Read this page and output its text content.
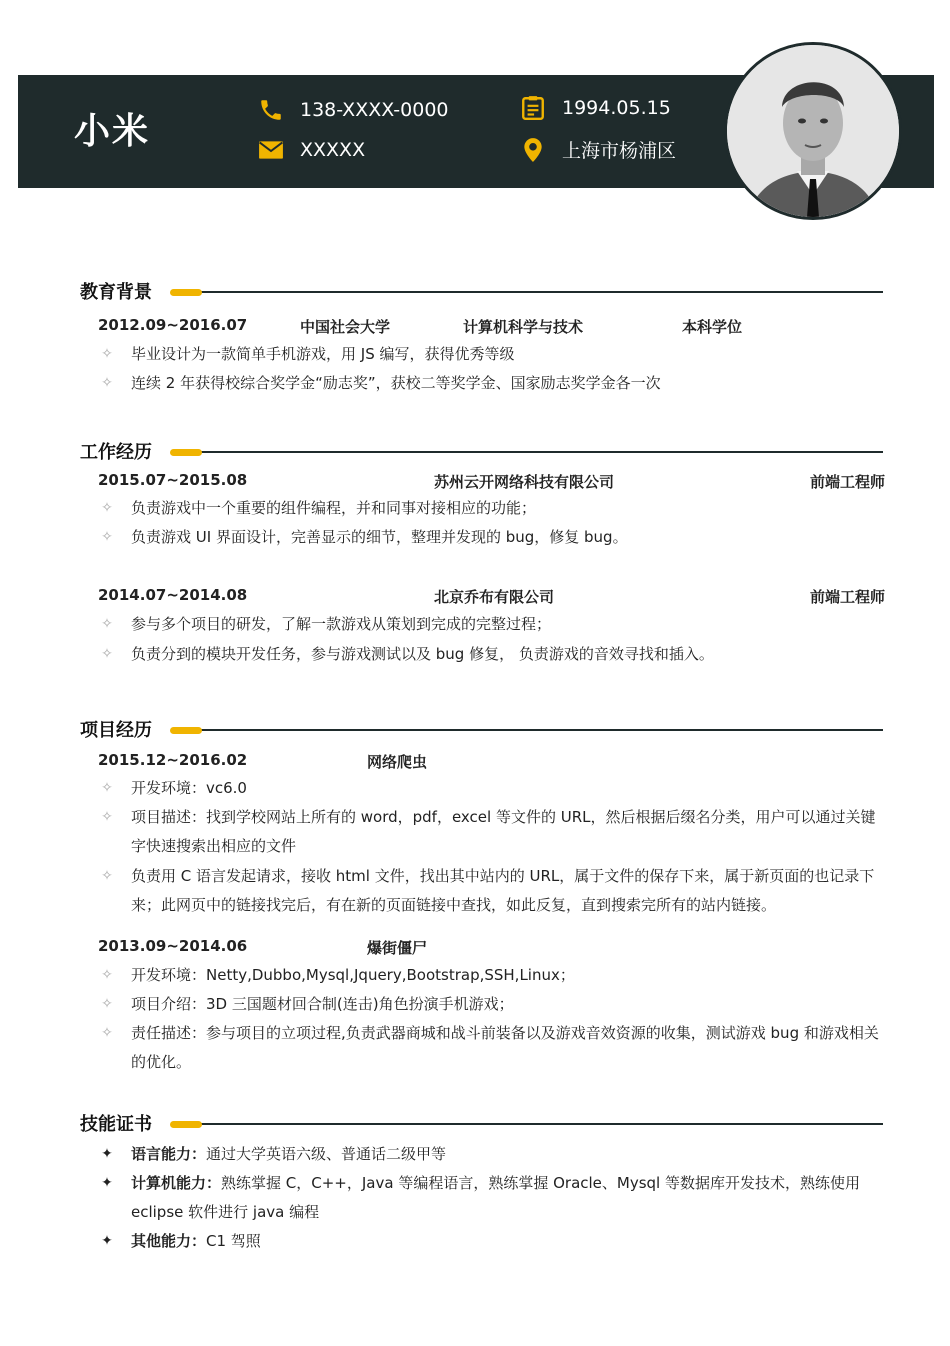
小米
138-XXXX-0000
XXXXX
1994.05.15
上海市杨浦区
教育背景
2012.09~2016.07	中国社会大学	计算机科学与技术	本科学位
✧ 毕业设计为一款简单手机游戏，用 JS 编写，获得优秀等级
✧ 连续 2 年获得校综合奖学金“励志奖”，获校二等奖学金、国家励志奖学金各一次
工作经历
2015.07~2015.08	苏州云开网络科技有限公司	前端工程师
✧ 负责游戏中一个重要的组件编程，并和同事对接相应的功能；
✧ 负责游戏 UI 界面设计，完善显示的细节，整理并发现的 bug，修复 bug。
2014.07~2014.08	北京乔布有限公司	前端工程师
✧ 参与多个项目的研发，了解一款游戏从策划到完成的完整过程；
✧ 负责分到的模块开发任务，参与游戏测试以及 bug 修复， 负责游戏的音效寻找和插入。
项目经历
2015.12~2016.02	网络爬虫
✧ 开发环境：vc6.0
✧ 项目描述：找到学校网站上所有的 word，pdf，excel 等文件的 URL，然后根据后缀名分类，用户可以通过关键字快速搜索出相应的文件
✧ 负责用 C 语言发起请求，接收 html 文件，找出其中站内的 URL，属于文件的保存下来，属于新页面的也记录下来；此网页中的链接找完后，有在新的页面链接中查找，如此反复，直到搜索完所有的站内链接。
2013.09~2014.06	爆街僵尸
✧ 开发环境：Netty,Dubbo,Mysql,Jquery,Bootstrap,SSH,Linux；
✧ 项目介绍：3D 三国题材回合制(连击)角色扮演手机游戏；
✧ 责任描述：参与项目的立项过程,负责武器商城和战斗前装备以及游戏音效资源的收集，测试游戏 bug 和游戏相关的优化。
技能证书
✦ 语言能力：通过大学英语六级、普通话二级甲等
✦ 计算机能力：熟练掌握 C，C++，Java 等编程语言，熟练掌握 Oracle、Mysql 等数据库开发技术，熟练使用 eclipse 软件进行 java 编程
✦ 其他能力：C1 驾照
